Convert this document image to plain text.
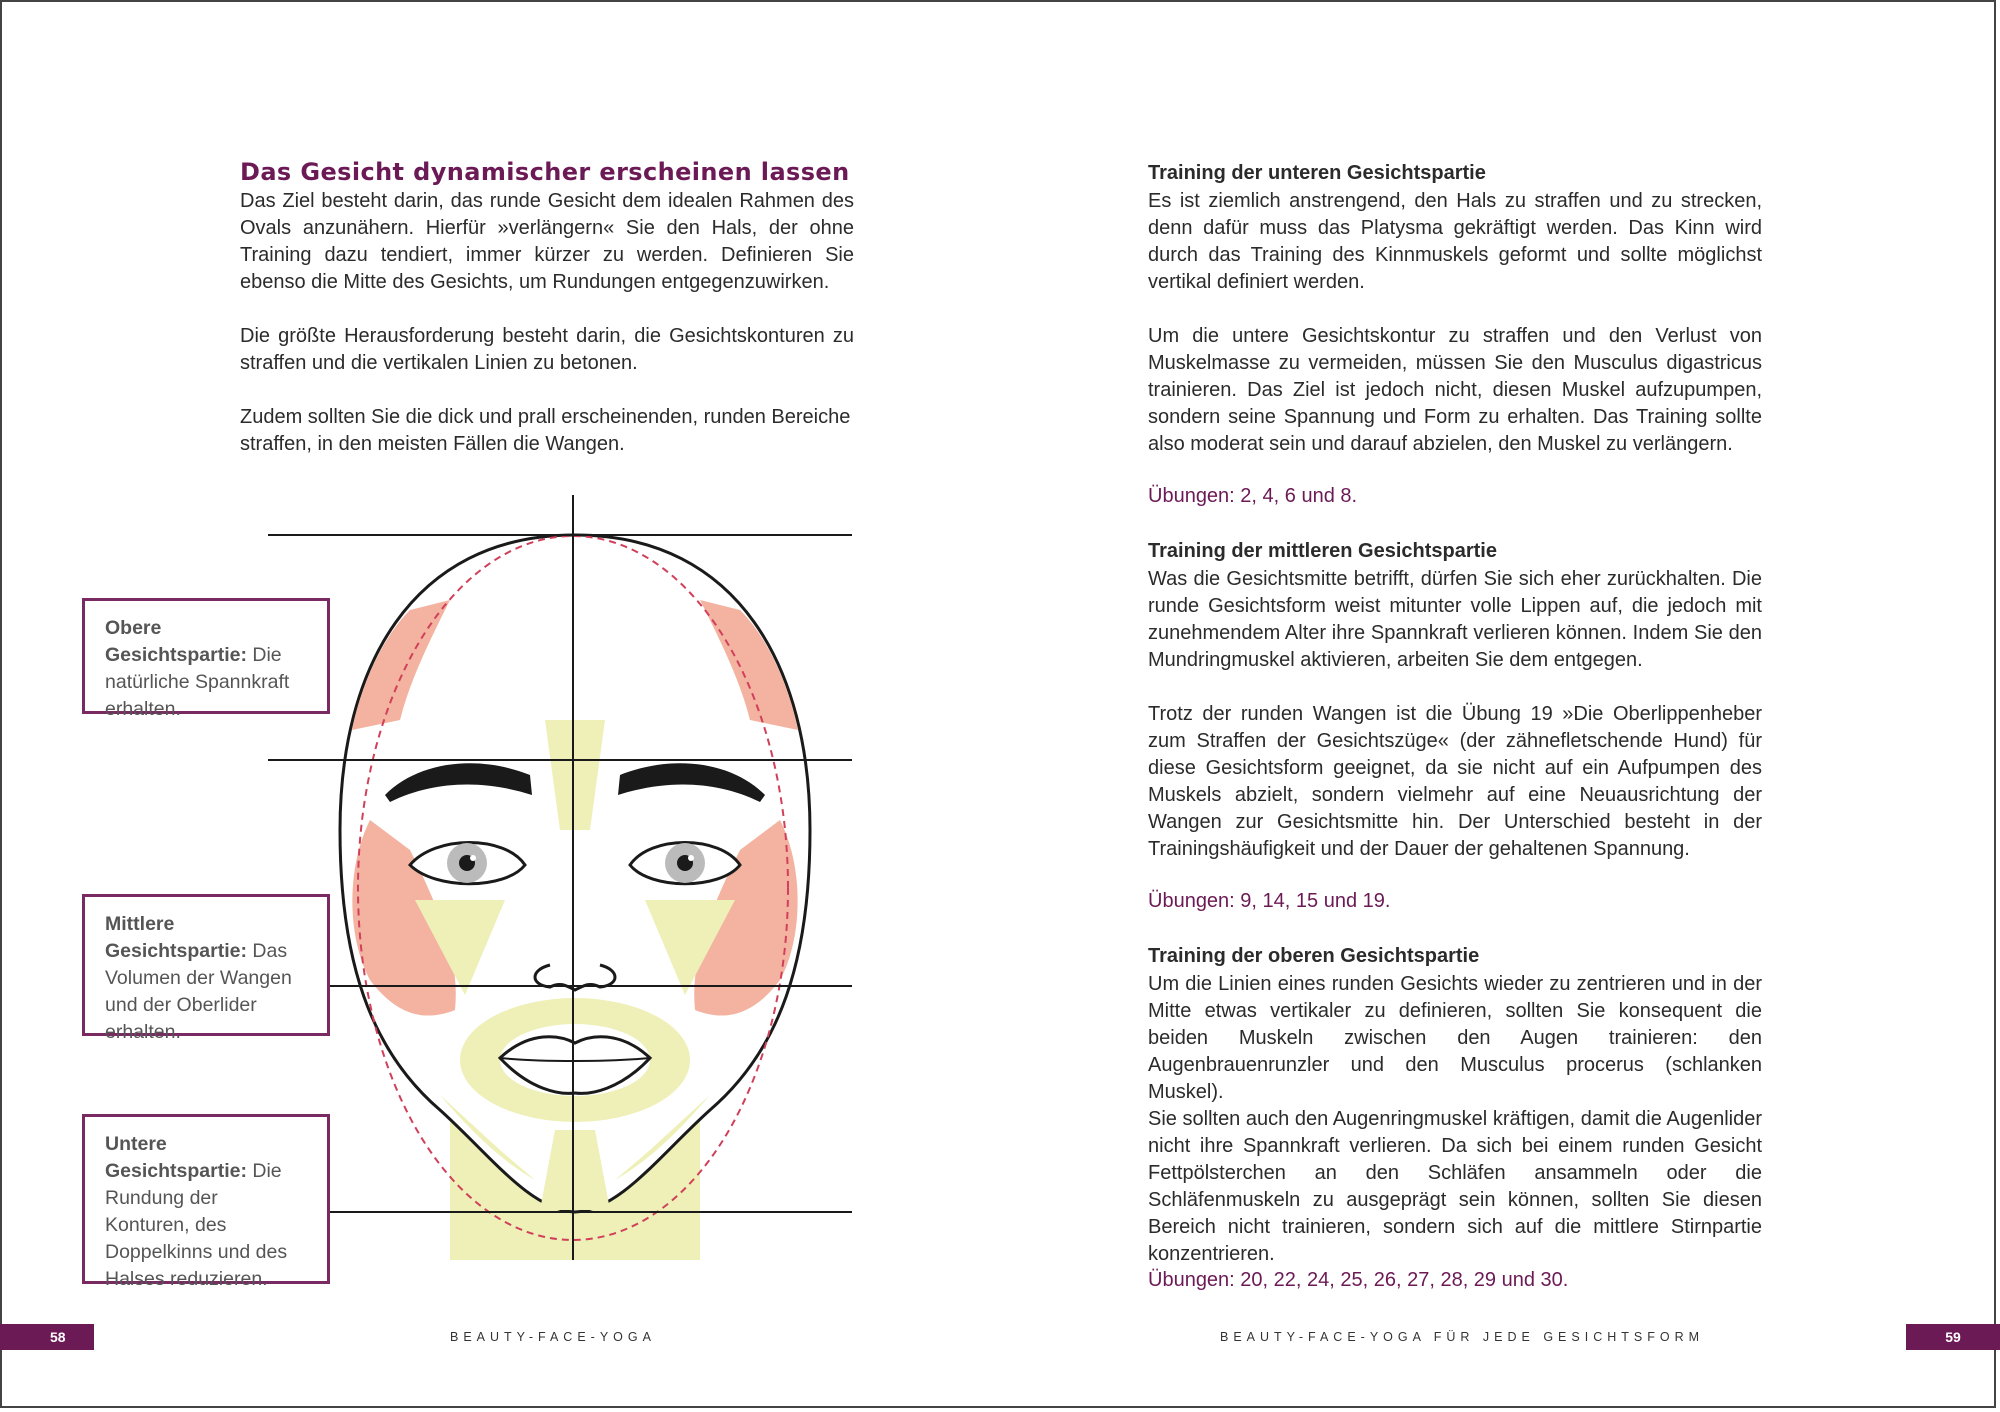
Das Gesicht dynamischer erscheinen lassen

Das Ziel besteht darin, das runde Gesicht dem idealen Rahmen des Ovals anzunähern. Hierfür »verlängern« Sie den Hals, der ohne Training dazu tendiert, immer kürzer zu werden. Definieren Sie ebenso die Mitte des Gesichts, um Rundungen entgegenzuwirken.

Die größte Herausforderung besteht darin, die Gesichtskonturen zu straffen und die vertikalen Linien zu betonen.

Zudem sollten Sie die dick und prall erscheinenden, runden Bereiche straffen, in den meisten Fällen die Wangen.

Obere Gesichtspartie: Die natürliche Spannkraft erhalten.
Mittlere Gesichtspartie: Das Volumen der Wangen und der Oberlider erhalten.
Untere Gesichtspartie: Die Rundung der Konturen, des Doppelkinns und des Halses reduzieren.
58	BEAUTY-FACE-YOGA

Training der unteren Gesichtspartie

Es ist ziemlich anstrengend, den Hals zu straffen und zu strecken, denn dafür muss das Platysma gekräftigt werden. Das Kinn wird durch das Training des Kinnmuskels geformt und sollte möglichst vertikal definiert werden.

Um die untere Gesichtskontur zu straffen und den Verlust von Muskelmasse zu vermeiden, müssen Sie den Musculus digastricus trainieren. Das Ziel ist jedoch nicht, diesen Muskel aufzupumpen, sondern seine Spannung und Form zu erhalten. Das Training sollte also moderat sein und darauf abzielen, den Muskel zu verlängern.

Übungen: 2, 4, 6 und 8.

Training der mittleren Gesichtspartie

Was die Gesichtsmitte betrifft, dürfen Sie sich eher zurückhalten. Die runde Gesichtsform weist mitunter volle Lippen auf, die jedoch mit zunehmendem Alter ihre Spannkraft verlieren können. Indem Sie den Mundringmuskel aktivieren, arbeiten Sie dem entgegen.

Trotz der runden Wangen ist die Übung 19 »Die Oberlippenheber zum Straffen der Gesichtszüge« (der zähnefletschende Hund) für diese Gesichtsform geeignet, da sie nicht auf ein Aufpumpen des Muskels abzielt, sondern vielmehr auf eine Neuausrichtung der Wangen zur Gesichtsmitte hin. Der Unterschied besteht in der Trainingshäufigkeit und der Dauer der gehaltenen Spannung.

Übungen: 9, 14, 15 und 19.

Training der oberen Gesichtspartie

Um die Linien eines runden Gesichts wieder zu zentrieren und in der Mitte etwas vertikaler zu definieren, sollten Sie konsequent die beiden Muskeln zwischen den Augen trainieren: den Augenbrauenrunzler und den Musculus procerus (schlanken Muskel).

Sie sollten auch den Augenringmuskel kräftigen, damit die Augenlider nicht ihre Spannkraft verlieren. Da sich bei einem runden Gesicht Fettpölsterchen an den Schläfen ansammeln oder die Schläfenmuskeln zu ausgeprägt sein können, sollten Sie diesen Bereich nicht trainieren, sondern sich auf die mittlere Stirnpartie konzentrieren.

Übungen: 20, 22, 24, 25, 26, 27, 28, 29 und 30.

BEAUTY-FACE-YOGA FÜR JEDE GESICHTSFORM	59
